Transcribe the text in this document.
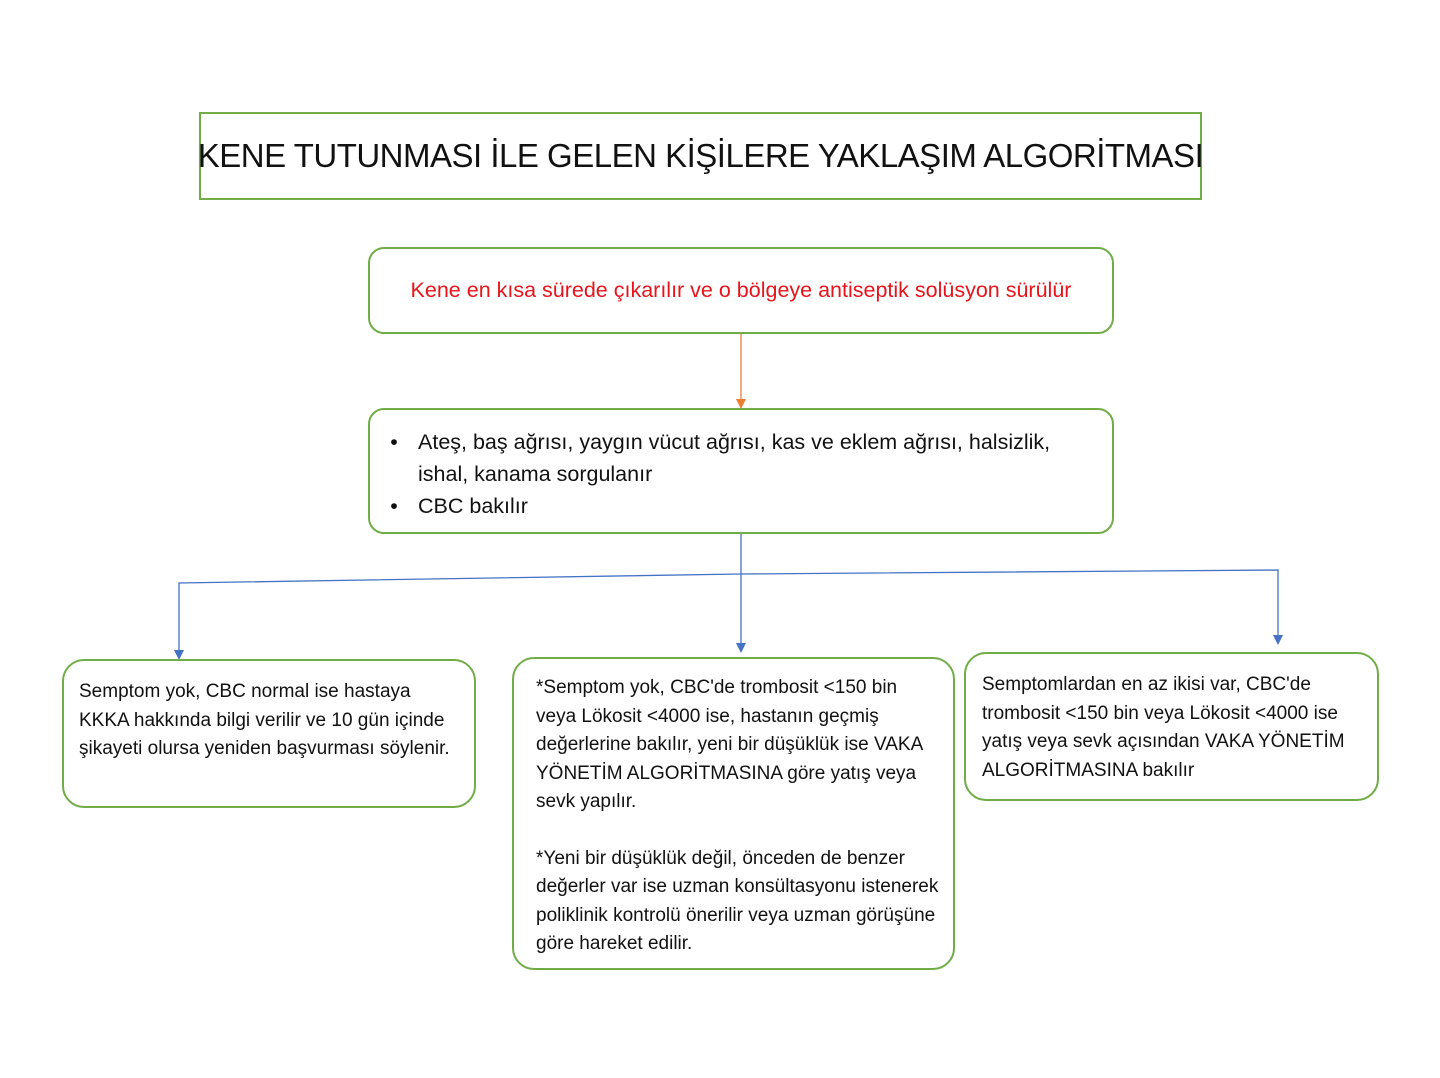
KENE TUTUNMASI İLE GELEN KİŞİLERE YAKLAŞIM ALGORİTMASI
Kene en kısa sürede çıkarılır ve o bölgeye antiseptik solüsyon sürülür
• Ateş, baş ağrısı, yaygın vücut ağrısı, kas ve eklem ağrısı, halsizlik, ishal, kanama sorgulanır
• CBC bakılır
Semptom yok, CBC normal ise hastaya KKKA hakkında bilgi verilir ve 10 gün içinde şikayeti olursa yeniden başvurması söylenir.

*Semptom yok, CBC'de trombosit <150 bin veya Lökosit <4000 ise, hastanın geçmiş değerlerine bakılır, yeni bir düşüklük ise VAKA YÖNETİM ALGORİTMASINA göre yatış veya sevk yapılır.

*Yeni bir düşüklük değil, önceden de benzer değerler var ise uzman konsültasyonu istenerek poliklinik kontrolü önerilir veya uzman görüşüne göre hareket edilir.

Semptomlardan en az ikisi var, CBC'de trombosit <150 bin veya Lökosit <4000 ise yatış veya sevk açısından VAKA YÖNETİM ALGORİTMASINA bakılır
